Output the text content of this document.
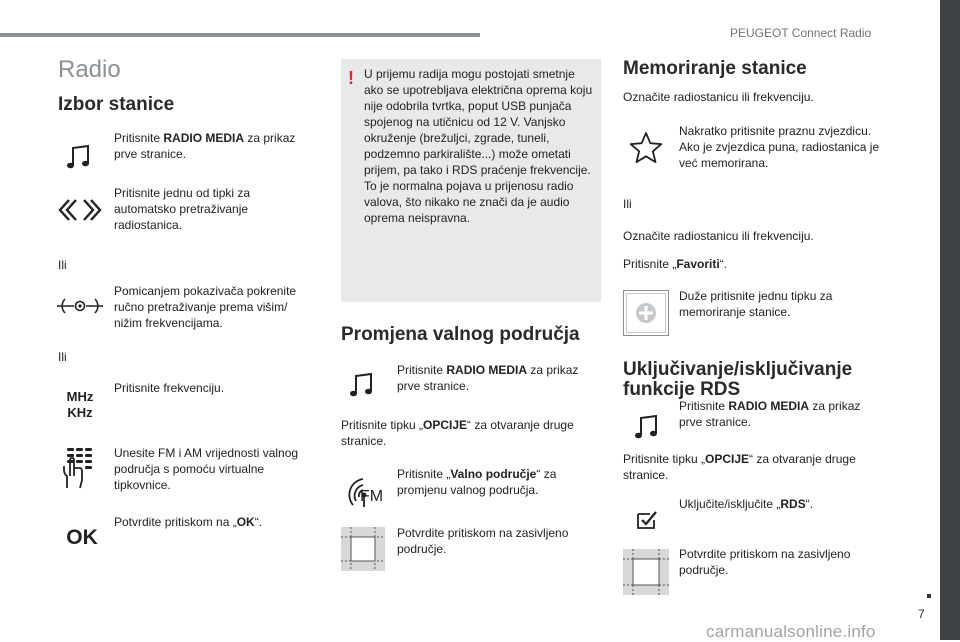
PEUGEOT Connect Radio
7
carmanualsonline.info
Radio
Izbor stanice
Pritisnite RADIO MEDIA za prikaz prve stranice.
Pritisnite jednu od tipki za automatsko pretraživanje radiostanica.
Ili
Pomicanjem pokazivača pokrenite ručno pretraživanje prema višim/ nižim frekvencijama.
Ili
MHz
KHz
Pritisnite frekvenciju.
Unesite FM i AM vrijednosti valnog područja s pomoću virtualne tipkovnice.
OK
Potvrdite pritiskom na „OK“.
! U prijemu radija mogu postojati smetnje ako se upotrebljava električna oprema koju nije odobrila tvrtka, poput USB punjača spojenog na utičnicu od 12 V. Vanjsko okruženje (brežuljci, zgrade, tuneli, podzemno parkiralište...) može ometati prijem, pa tako i RDS praćenje frekvencije. To je normalna pojava u prijenosu radio valova, što nikako ne znači da je audio oprema neispravna.
Promjena valnog područja
Pritisnite RADIO MEDIA za prikaz prve stranice.
Pritisnite tipku „OPCIJE“ za otvaranje druge stranice.
FM
Pritisnite „Valno područje“ za promjenu valnog područja.
Potvrdite pritiskom na zasivljeno područje.
Memoriranje stanice
Označite radiostanicu ili frekvenciju.
Nakratko pritisnite praznu zvjezdicu. Ako je zvjezdica puna, radiostanica je već memorirana.
Ili
Označite radiostanicu ili frekvenciju.
Pritisnite „Favoriti“.
Duže pritisnite jednu tipku za memoriranje stanice.
Uključivanje/isključivanje
funkcije RDS
Pritisnite RADIO MEDIA za prikaz prve stranice.
Pritisnite tipku „OPCIJE“ za otvaranje druge stranice.
Uključite/isključite „RDS“.
Potvrdite pritiskom na zasivljeno područje.
